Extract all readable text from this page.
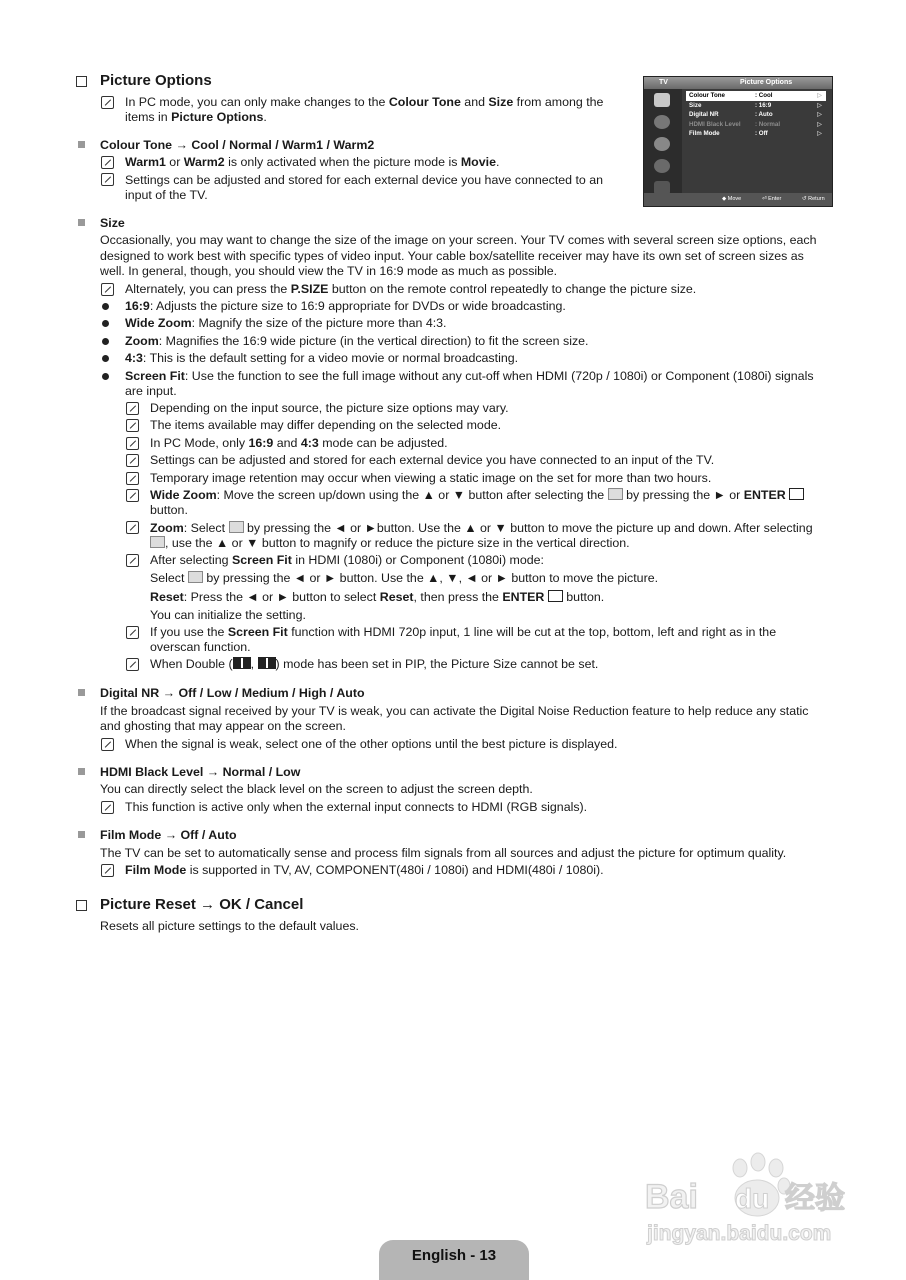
Picture Options
In PC mode, you can only make changes to the Colour Tone and Size from among the
items in Picture Options.
TV	Picture Options
Colour Tone	: Cool	▷
Size	: 16:9	▷
Digital NR	: Auto	▷
HDMI Black Level : Normal	▷
Film Mode	: Off	▷
◆ Move	⏎ Enter	↺ Return
Colour Tone → Cool / Normal / Warm1 / Warm2
Warm1 or Warm2 is only activated when the picture mode is Movie.
Settings can be adjusted and stored for each external device you have connected to an
input of the TV.
Size
Occasionally, you may want to change the size of the image on your screen. Your TV comes with several screen size options, each
designed to work best with specific types of video input. Your cable box/satellite receiver may have its own set of screen sizes as
well. In general, though, you should view the TV in 16:9 mode as much as possible.
Alternately, you can press the P.SIZE button on the remote control repeatedly to change the picture size.
16:9: Adjusts the picture size to 16:9 appropriate for DVDs or wide broadcasting.
Wide Zoom: Magnify the size of the picture more than 4:3.
Zoom: Magnifies the 16:9 wide picture (in the vertical direction) to fit the screen size.
4:3: This is the default setting for a video movie or normal broadcasting.
Screen Fit: Use the function to see the full image without any cut-off when HDMI (720p / 1080i) or Component (1080i) signals
are input.
Depending on the input source, the picture size options may vary.
The items available may differ depending on the selected mode.
In PC Mode, only 16:9 and 4:3 mode can be adjusted.
Settings can be adjusted and stored for each external device you have connected to an input of the TV.
Temporary image retention may occur when viewing a static image on the set for more than two hours.
Wide Zoom: Move the screen up/down using the ▲ or ▼ button after selecting the  by pressing the ► or ENTER
button.
Zoom: Select  by pressing the ◄ or ►button. Use the ▲ or ▼ button to move the picture up and down. After selecting
, use the ▲ or ▼ button to magnify or reduce the picture size in the vertical direction.
After selecting Screen Fit in HDMI (1080i) or Component (1080i) mode:
Select  by pressing the ◄ or ► button. Use the ▲, ▼, ◄ or ► button to move the picture.
Reset: Press the ◄ or ► button to select Reset, then press the ENTER  button.
You can initialize the setting.
If you use the Screen Fit function with HDMI 720p input, 1 line will be cut at the top, bottom, left and right as in the
overscan function.
When Double ( , ) mode has been set in PIP, the Picture Size cannot be set.
Digital NR → Off / Low / Medium / High / Auto
If the broadcast signal received by your TV is weak, you can activate the Digital Noise Reduction feature to help reduce any static
and ghosting that may appear on the screen.
When the signal is weak, select one of the other options until the best picture is displayed.
HDMI Black Level → Normal / Low
You can directly select the black level on the screen to adjust the screen depth.
This function is active only when the external input connects to HDMI (RGB signals).
Film Mode → Off / Auto
The TV can be set to automatically sense and process film signals from all sources and adjust the picture for optimum quality.
Film Mode is supported in TV, AV, COMPONENT(480i / 1080i) and HDMI(480i / 1080i).
Picture Reset → OK / Cancel
Resets all picture settings to the default values.
Bai du 经验
jingyan.baidu.com
English - 13
